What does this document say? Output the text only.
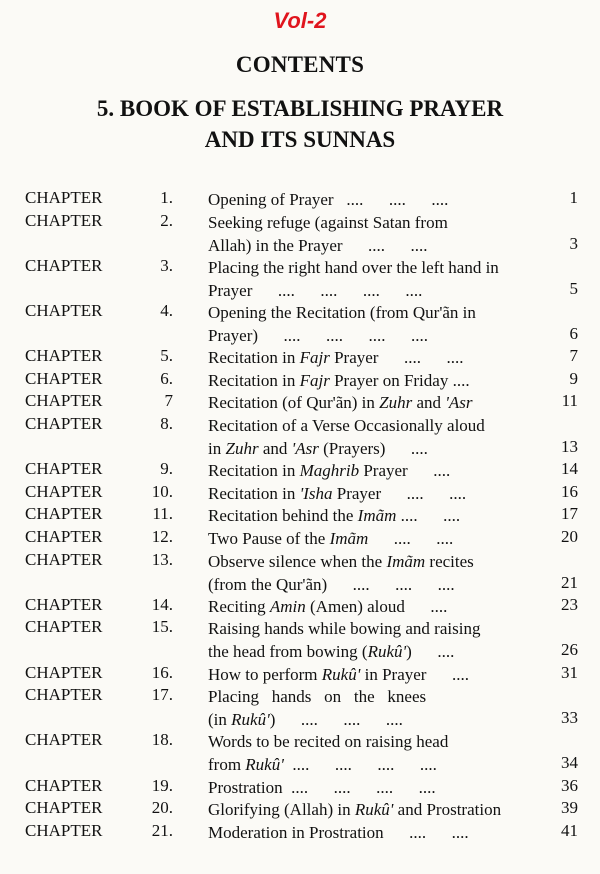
Vol-2
CONTENTS
5. BOOK OF ESTABLISHING PRAYER
AND ITS SUNNAS
CHAPTER	1. Opening of Prayer   ....      ....      ....	1
CHAPTER	2. Seeking refuge (against Satan from
Allah) in the Prayer      ....      ....	3
CHAPTER	3. Placing the right hand over the left hand in
Prayer      ....      ....      ....      ....	5
CHAPTER	4. Opening the Recitation (from Qur'ãn in
Prayer)      ....      ....      ....      ....	6
CHAPTER	5. Recitation in Fajr Prayer      ....      ....	7
CHAPTER	6. Recitation in Fajr Prayer on Friday ....	9
CHAPTER	7 Recitation (of Qur'ãn) in Zuhr and 'Asr	11
CHAPTER	8. Recitation of a Verse Occasionally aloud
in Zuhr and 'Asr (Prayers)      ....	13
CHAPTER	9. Recitation in Maghrib Prayer      ....	14
CHAPTER	10. Recitation in 'Isha Prayer      ....      ....	16
CHAPTER	11. Recitation behind the Imãm ....      ....	17
CHAPTER	12. Two Pause of the Imãm      ....      ....	20
CHAPTER	13. Observe silence when the Imãm recites
(from the Qur'ãn)      ....      ....      ....	21
CHAPTER	14. Reciting Amin (Amen) aloud      ....	23
CHAPTER	15. Raising hands while bowing and raising
the head from bowing (Rukû')      ....	26
CHAPTER	16. How to perform Rukû' in Prayer      ....	31
CHAPTER	17. Placing   hands   on   the   knees
(in Rukû')      ....      ....      ....	33
CHAPTER	18. Words to be recited on raising head
from Rukû'  ....      ....      ....      ....	34
CHAPTER	19. Prostration  ....      ....      ....      ....	36
CHAPTER	20. Glorifying (Allah) in Rukû' and Prostration	39
CHAPTER	21. Moderation in Prostration      ....      ....	41
